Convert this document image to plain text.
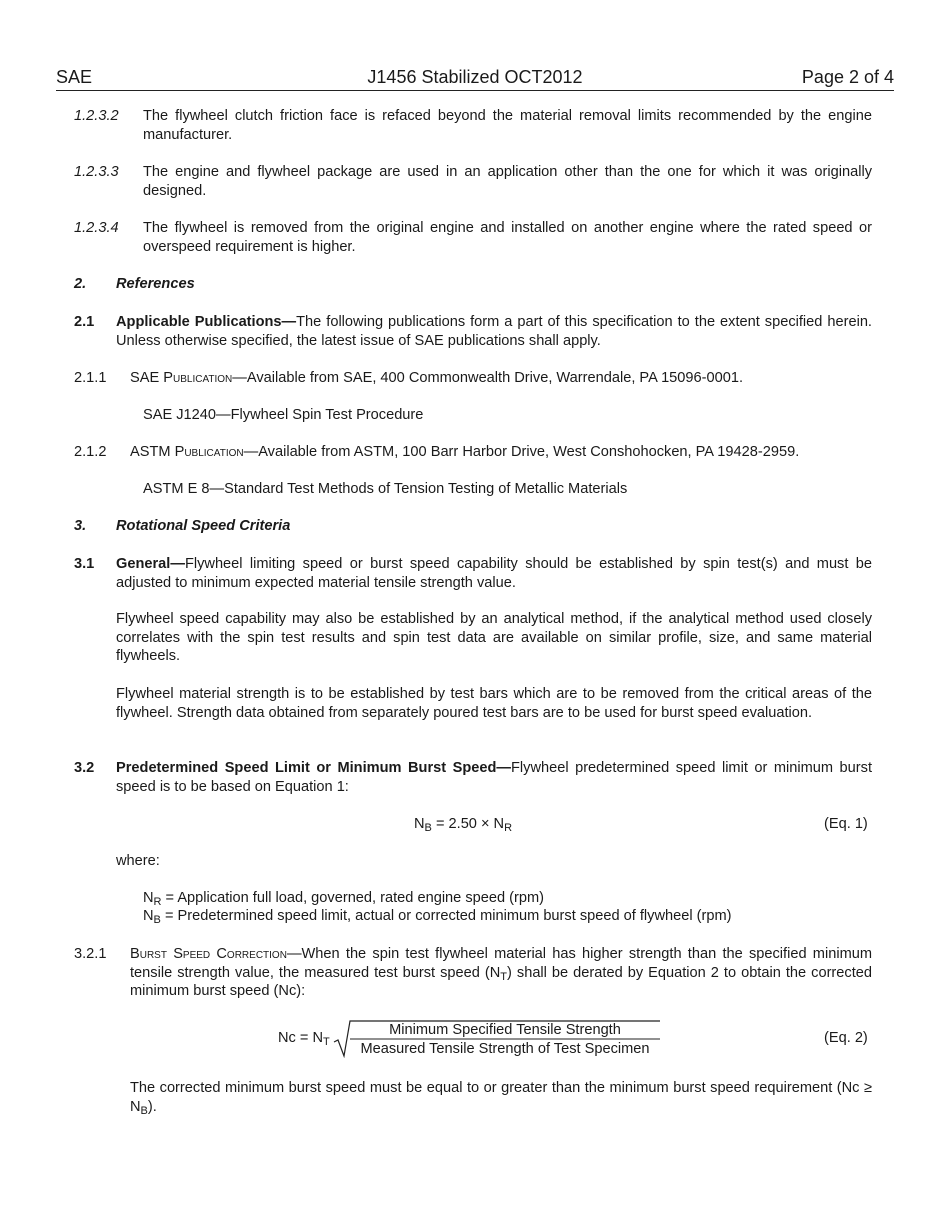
SAE	J1456 Stabilized OCT2012	Page 2 of 4
1.2.3.2 The flywheel clutch friction face is refaced beyond the material removal limits recommended by the engine manufacturer.
1.2.3.3 The engine and flywheel package are used in an application other than the one for which it was originally designed.
1.2.3.4 The flywheel is removed from the original engine and installed on another engine where the rated speed or overspeed requirement is higher.
2. References
2.1 Applicable Publications—The following publications form a part of this specification to the extent specified herein. Unless otherwise specified, the latest issue of SAE publications shall apply.
2.1.1 SAE Publication—Available from SAE, 400 Commonwealth Drive, Warrendale, PA 15096-0001.
SAE J1240—Flywheel Spin Test Procedure
2.1.2 ASTM Publication—Available from ASTM, 100 Barr Harbor Drive, West Conshohocken, PA 19428-2959.
ASTM E 8—Standard Test Methods of Tension Testing of Metallic Materials
3. Rotational Speed Criteria
3.1 General—Flywheel limiting speed or burst speed capability should be established by spin test(s) and must be adjusted to minimum expected material tensile strength value.
Flywheel speed capability may also be established by an analytical method, if the analytical method used closely correlates with the spin test results and spin test data are available on similar profile, size, and same material flywheels.
Flywheel material strength is to be established by test bars which are to be removed from the critical areas of the flywheel. Strength data obtained from separately poured test bars are to be used for burst speed evaluation.
3.2 Predetermined Speed Limit or Minimum Burst Speed—Flywheel predetermined speed limit or minimum burst speed is to be based on Equation 1:
$N_B = 2.50 \times N_R$	(Eq. 1)
where:
$N_R$ = Application full load, governed, rated engine speed (rpm)
$N_B$ = Predetermined speed limit, actual or corrected minimum burst speed of flywheel (rpm)
3.2.1 Burst Speed Correction—When the spin test flywheel material has higher strength than the specified minimum tensile strength value, the measured test burst speed $(N_T)$ shall be derated by Equation 2 to obtain the corrected minimum burst speed (Nc):
$Nc = N_T$
Minimum Specified Tensile Strength
Measured Tensile Strength of Test Specimen
(Eq. 2)
The corrected minimum burst speed must be equal to or greater than the minimum burst speed requirement $(Nc \ge N_B)$.
